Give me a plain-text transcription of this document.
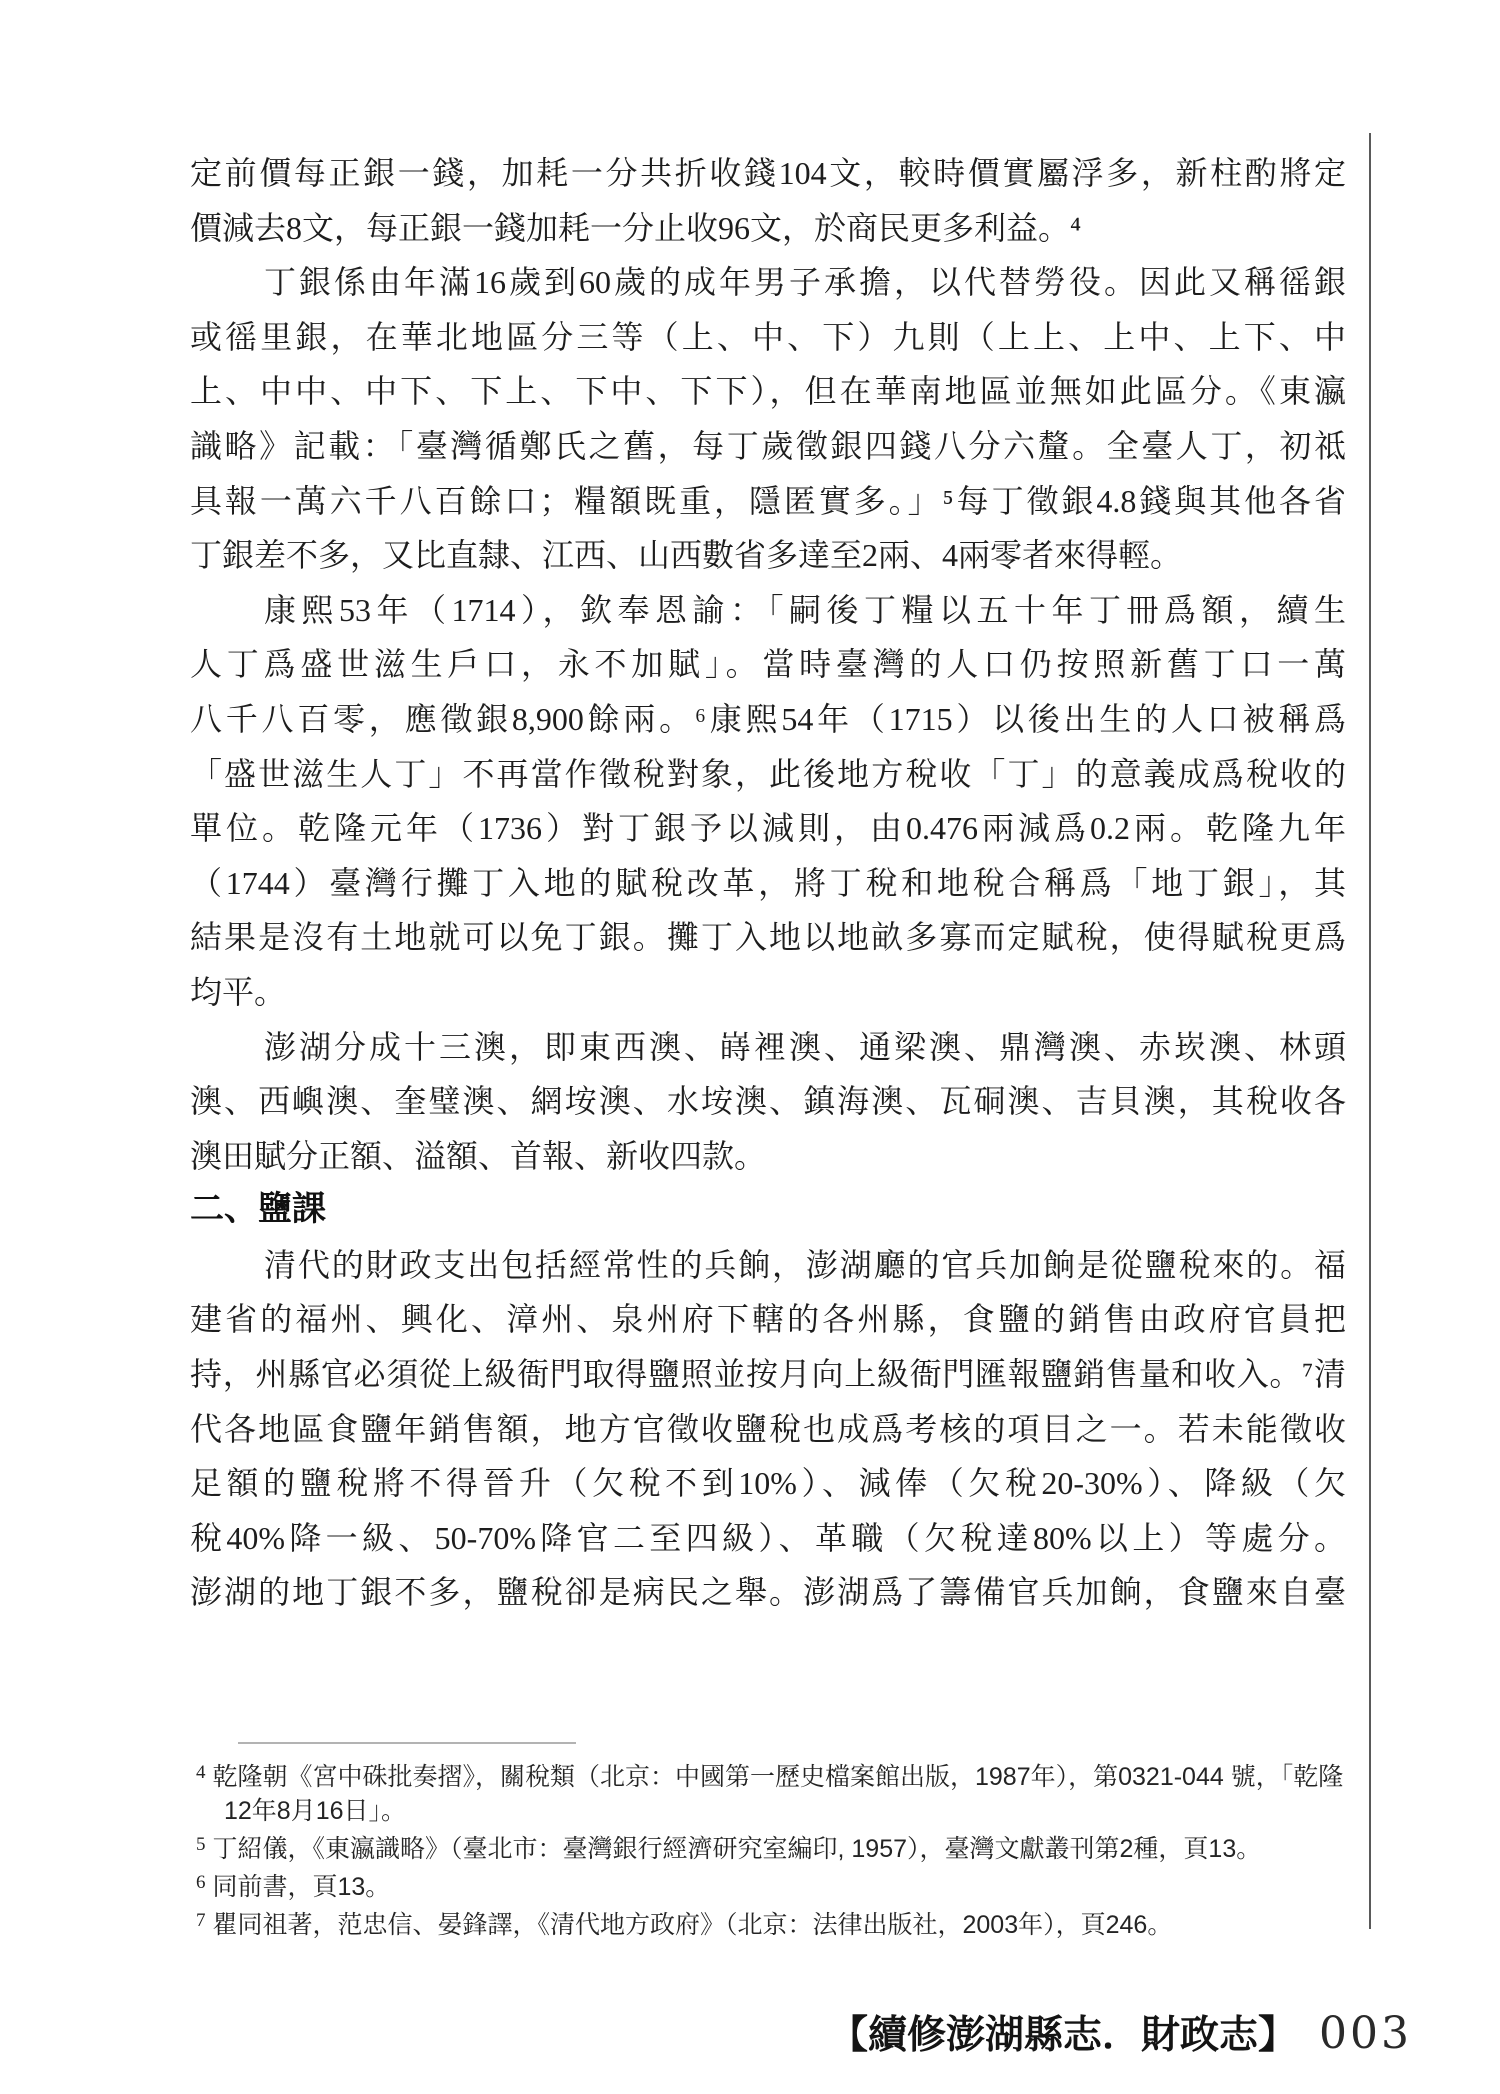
定前價每正銀一錢，加耗一分共折收錢104文，較時價實屬浮多，新柱酌將定
價減去8文，每正銀一錢加耗一分止收96文，於商民更多利益。⁴
丁銀係由年滿16歲到60歲的成年男子承擔，以代替勞役。因此又稱徭銀
或徭里銀，在華北地區分三等（上、中、下）九則（上上、上中、上下、中
上、中中、中下、下上、下中、下下），但在華南地區並無如此區分。《東瀛
識略》記載：「臺灣循鄭氏之舊，每丁歲徵銀四錢八分六釐。全臺人丁，初祗
具報一萬六千八百餘口；糧額既重，隱匿實多。」⁵每丁徵銀4.8錢與其他各省
丁銀差不多，又比直隸、江西、山西數省多達至2兩、4兩零者來得輕。
康熙53年（1714），欽奉恩諭：「嗣後丁糧以五十年丁冊爲額，續生
人丁爲盛世滋生戶口，永不加賦」。當時臺灣的人口仍按照新舊丁口一萬
八千八百零，應徵銀8,900餘兩。⁶康熙54年（1715）以後出生的人口被稱爲
「盛世滋生人丁」不再當作徵稅對象，此後地方稅收「丁」的意義成爲稅收的
單位。乾隆元年（1736）對丁銀予以減則，由0.476兩減爲0.2兩。乾隆九年
（1744）臺灣行攤丁入地的賦稅改革，將丁稅和地稅合稱爲「地丁銀」，其
結果是沒有土地就可以免丁銀。攤丁入地以地畝多寡而定賦稅，使得賦稅更爲
均平。
澎湖分成十三澳，即東西澳、嵵裡澳、通梁澳、鼎灣澳、赤崁澳、林頭
澳、西嶼澳、奎璧澳、網垵澳、水垵澳、鎮海澳、瓦硐澳、吉貝澳，其稅收各
澳田賦分正額、溢額、首報、新收四款。
二、鹽課
清代的財政支出包括經常性的兵餉，澎湖廳的官兵加餉是從鹽稅來的。福
建省的福州、興化、漳州、泉州府下轄的各州縣，食鹽的銷售由政府官員把
持，州縣官必須從上級衙門取得鹽照並按月向上級衙門匯報鹽銷售量和收入。⁷清
代各地區食鹽年銷售額，地方官徵收鹽稅也成爲考核的項目之一。若未能徵收
足額的鹽稅將不得晉升（欠稅不到10%）、減俸（欠稅20-30%）、降級（欠
稅40%降一級、50-70%降官二至四級）、革職（欠稅達80%以上）等處分。
澎湖的地丁銀不多，鹽稅卻是病民之舉。澎湖爲了籌備官兵加餉，食鹽來自臺
$^4$ 乾隆朝《宮中硃批奏摺》，關稅類（北京：中國第一歷史檔案館出版，1987年），第0321-044 號，「乾隆12年8月16日」。
$^5$ 丁紹儀，《東瀛識略》（臺北市：臺灣銀行經濟研究室編印, 1957），臺灣文獻叢刊第2種，頁13。
$^6$ 同前書，頁13。
$^7$ 瞿同祖著，范忠信、晏鋒譯，《清代地方政府》（北京：法律出版社，2003年），頁246。
【續修澎湖縣志．財政志】 003
